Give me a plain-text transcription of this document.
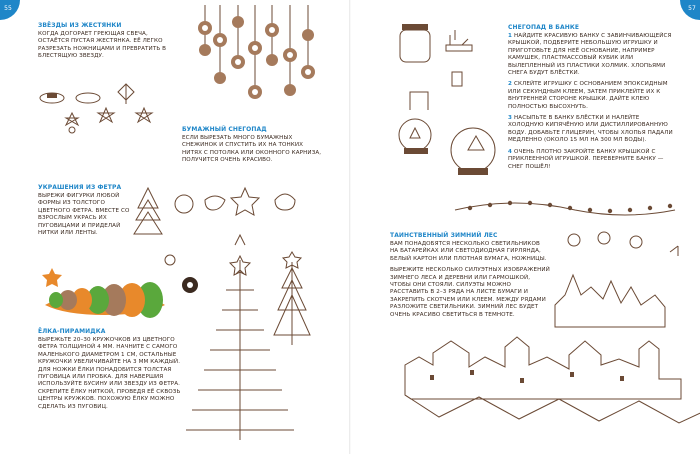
55	57
ЗВЁЗДЫ ИЗ ЖЕСТЯНКИ

КОГДА ДОГОРАЕТ ГРЕЮЩАЯ СВЕЧА, ОСТАЁТСЯ ПУСТАЯ ЖЕСТЯНКА. ЕЁ ЛЕГКО РАЗРЕЗАТЬ НОЖНИЦАМИ И ПРЕВРАТИТЬ В БЛЕСТЯЩУЮ ЗВЕЗДУ.

БУМАЖНЫЙ СНЕГОПАД

ЕСЛИ ВЫРЕЗАТЬ МНОГО БУМАЖНЫХ СНЕЖИНОК И СПУСТИТЬ ИХ НА ТОНКИХ НИТЯХ С ПОТОЛКА ИЛИ ОКОННОГО КАРНИЗА, ПОЛУЧИТСЯ ОЧЕНЬ КРАСИВО.

УКРАШЕНИЯ ИЗ ФЕТРА

ВЫРЕЖИ ФИГУРКИ ЛЮБОЙ ФОРМЫ ИЗ ТОЛСТОГО ЦВЕТНОГО ФЕТРА. ВМЕСТЕ СО ВЗРОСЛЫМ УКРАСЬ ИХ ПУГОВИЦАМИ И ПРИДЕЛАЙ НИТКИ ИЛИ ЛЕНТЫ.

ЁЛКА-ПИРАМИДКА

ВЫРЕЖЬТЕ 20–30 КРУЖОЧКОВ ИЗ ЦВЕТНОГО ФЕТРА ТОЛЩИНОЙ 4 ММ. НАЧНИТЕ С САМОГО МАЛЕНЬКОГО ДИАМЕТРОМ 1 СМ, ОСТАЛЬНЫЕ КРУЖОЧКИ УВЕЛИЧИВАЙТЕ НА 3 ММ КАЖДЫЙ. ДЛЯ НОЖКИ ЁЛКИ ПОНАДОБИТСЯ ТОЛСТАЯ ПУГОВИЦА ИЛИ ПРОБКА. ДЛЯ НАВЕРШИЯ ИСПОЛЬЗУЙТЕ БУСИНУ ИЛИ ЗВЕЗДУ ИЗ ФЕТРА. СКРЕПИТЕ ЁЛКУ НИТКОЙ, ПРОВЕДЯ ЕЁ СКВОЗЬ ЦЕНТРЫ КРУЖКОВ. ПОХОЖУЮ ЁЛКУ МОЖНО СДЕЛАТЬ ИЗ ПУГОВИЦ.

СНЕГОПАД В БАНКЕ

1 НАЙДИТЕ КРАСИВУЮ БАНКУ С ЗАВИНЧИВАЮЩЕЙСЯ КРЫШКОЙ, ПОДБЕРИТЕ НЕБОЛЬШУЮ ИГРУШКУ И ПРИГОТОВЬТЕ ДЛЯ НЕЁ ОСНОВАНИЕ, НАПРИМЕР КАМУШЕК, ПЛАСТМАССОВЫЙ КУБИК ИЛИ ВЫЛЕПЛЕННЫЙ ИЗ ПЛАСТИКИ ХОЛМИК. ХЛОПЬЯМИ СНЕГА БУДУТ БЛЁСТКИ.

2 СКЛЕЙТЕ ИГРУШКУ С ОСНОВАНИЕМ ЭПОКСИДНЫМ ИЛИ СЕКУНДНЫМ КЛЕЕМ, ЗАТЕМ ПРИКЛЕЙТЕ ИХ К ВНУТРЕННЕЙ СТОРОНЕ КРЫШКИ. ДАЙТЕ КЛЕЮ ПОЛНОСТЬЮ ВЫСОХНУТЬ.

3 НАСЫПЬТЕ В БАНКУ БЛЁСТКИ И НАЛЕЙТЕ ХОЛОДНУЮ КИПЯЧЁНУЮ ИЛИ ДИСТИЛЛИРОВАННУЮ ВОДУ. ДОБАВЬТЕ ГЛИЦЕРИН, ЧТОБЫ ХЛОПЬЯ ПАДАЛИ МЕДЛЕННО (ОКОЛО 15 МЛ НА 300 МЛ ВОДЫ).

4 ОЧЕНЬ ПЛОТНО ЗАКРОЙТЕ БАНКУ КРЫШКОЙ С ПРИКЛЕЕННОЙ ИГРУШКОЙ. ПЕРЕВЕРНИТЕ БАНКУ — СНЕГ ПОШЁЛ!

ТАИНСТВЕННЫЙ ЗИМНИЙ ЛЕС

ВАМ ПОНАДОБЯТСЯ НЕСКОЛЬКО СВЕТИЛЬНИКОВ НА БАТАРЕЙКАХ ИЛИ СВЕТОДИОДНАЯ ГИРЛЯНДА, БЕЛЫЙ КАРТОН ИЛИ ПЛОТНАЯ БУМАГА, НОЖНИЦЫ.

ВЫРЕЖИТЕ НЕСКОЛЬКО СИЛУЭТНЫХ ИЗОБРАЖЕНИЙ ЗИМНЕГО ЛЕСА И ДЕРЕВНИ ИЛИ ГАРМОШКОЙ, ЧТОБЫ ОНИ СТОЯЛИ. СИЛУЭТЫ МОЖНО РАССТАВИТЬ В 2–3 РЯДА НА ЛИСТЕ БУМАГИ И ЗАКРЕПИТЬ СКОТЧЕМ ИЛИ КЛЕЕМ. МЕЖДУ РЯДАМИ РАЗЛОЖИТЕ СВЕТИЛЬНИКИ. ЗИМНИЙ ЛЕС БУДЕТ ОЧЕНЬ КРАСИВО СВЕТИТЬСЯ В ТЕМНОТЕ.
